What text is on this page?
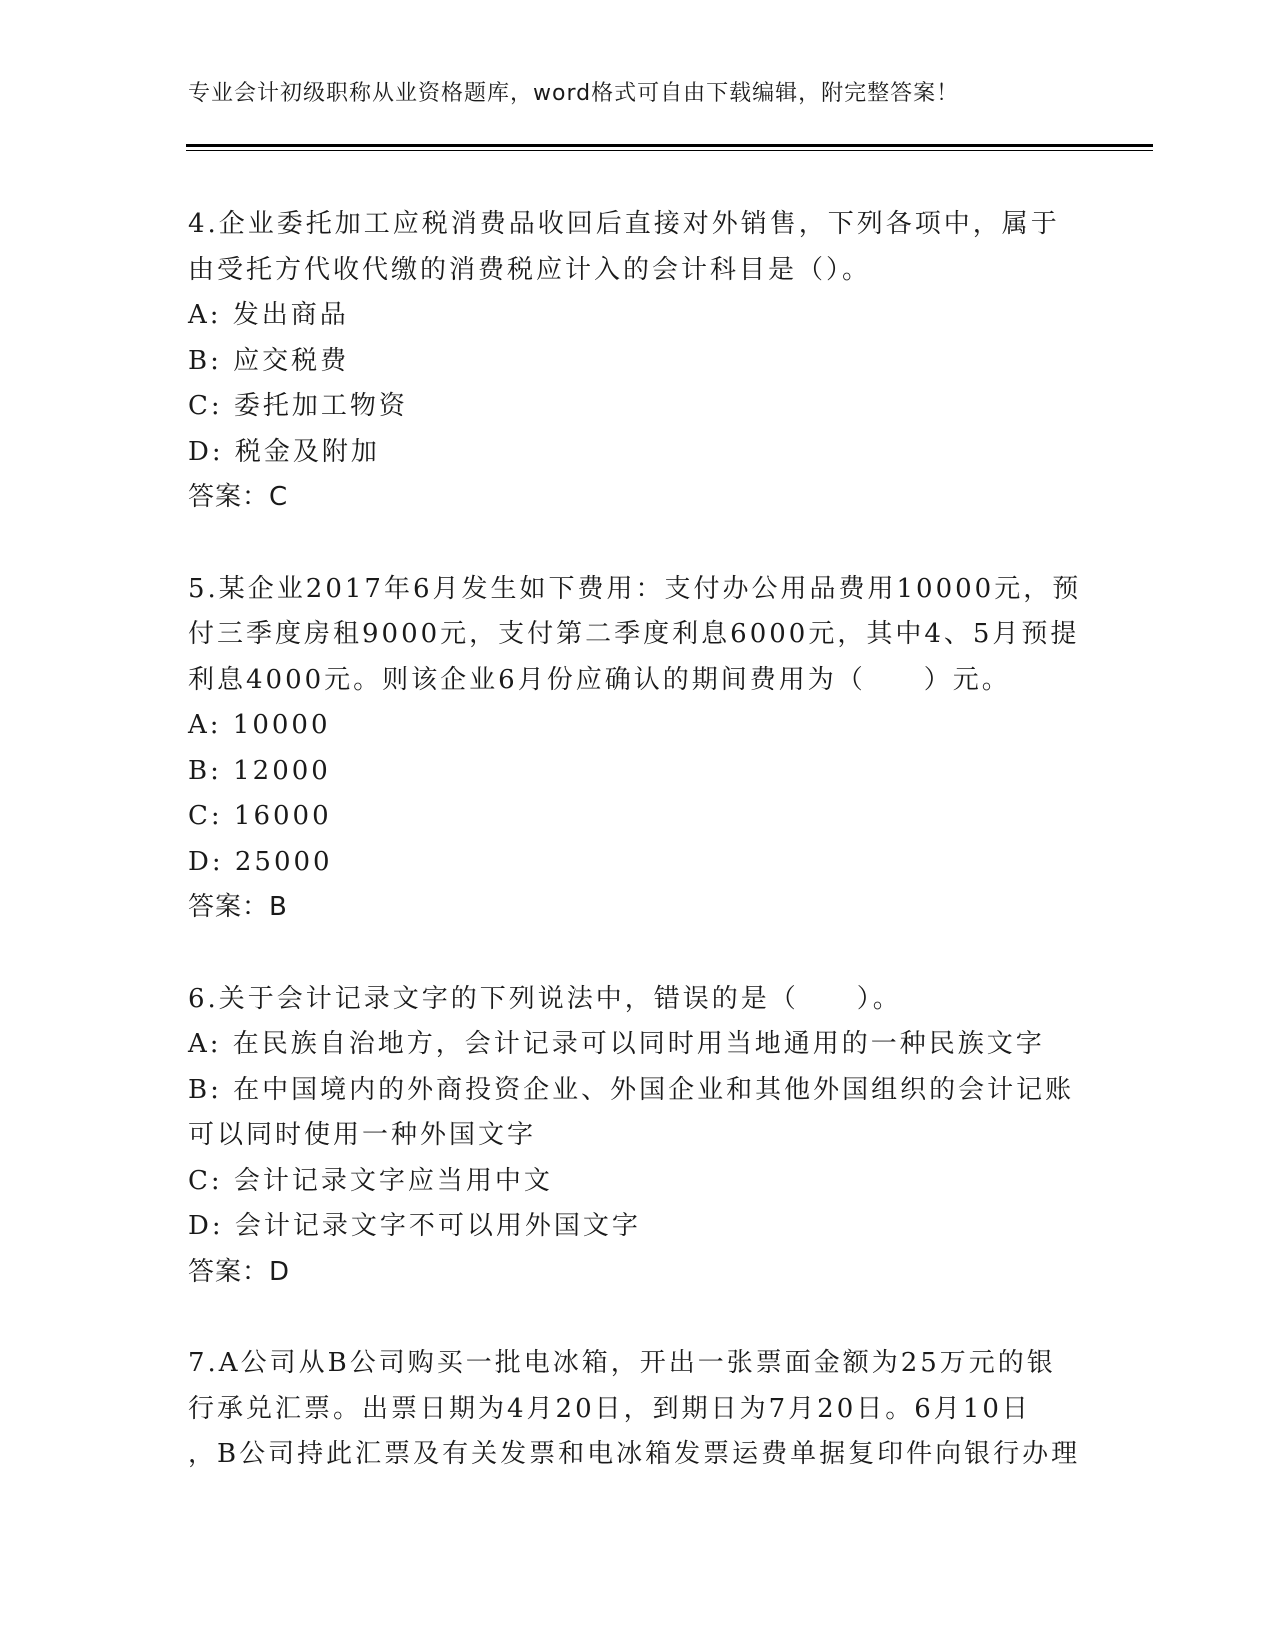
专业会计初级职称从业资格题库，word格式可自由下载编辑，附完整答案！
4.企业委托加工应税消费品收回后直接对外销售，下列各项中，属于
由受托方代收代缴的消费税应计入的会计科目是（）。
A: 发出商品
B: 应交税费
C: 委托加工物资
D: 税金及附加
答案：C
5.某企业2017年6月发生如下费用：支付办公用品费用10000元，预
付三季度房租9000元，支付第二季度利息6000元，其中4、5月预提
利息4000元。则该企业6月份应确认的期间费用为（　　）元。
A: 10000
B: 12000
C: 16000
D: 25000
答案：B
6.关于会计记录文字的下列说法中，错误的是（　　）。
A: 在民族自治地方，会计记录可以同时用当地通用的一种民族文字
B: 在中国境内的外商投资企业、外国企业和其他外国组织的会计记账
可以同时使用一种外国文字
C: 会计记录文字应当用中文
D: 会计记录文字不可以用外国文字
答案：D
7.A公司从B公司购买一批电冰箱，开出一张票面金额为25万元的银
行承兑汇票。出票日期为4月20日，到期日为7月20日。6月10日
，B公司持此汇票及有关发票和电冰箱发票运费单据复印件向银行办理
